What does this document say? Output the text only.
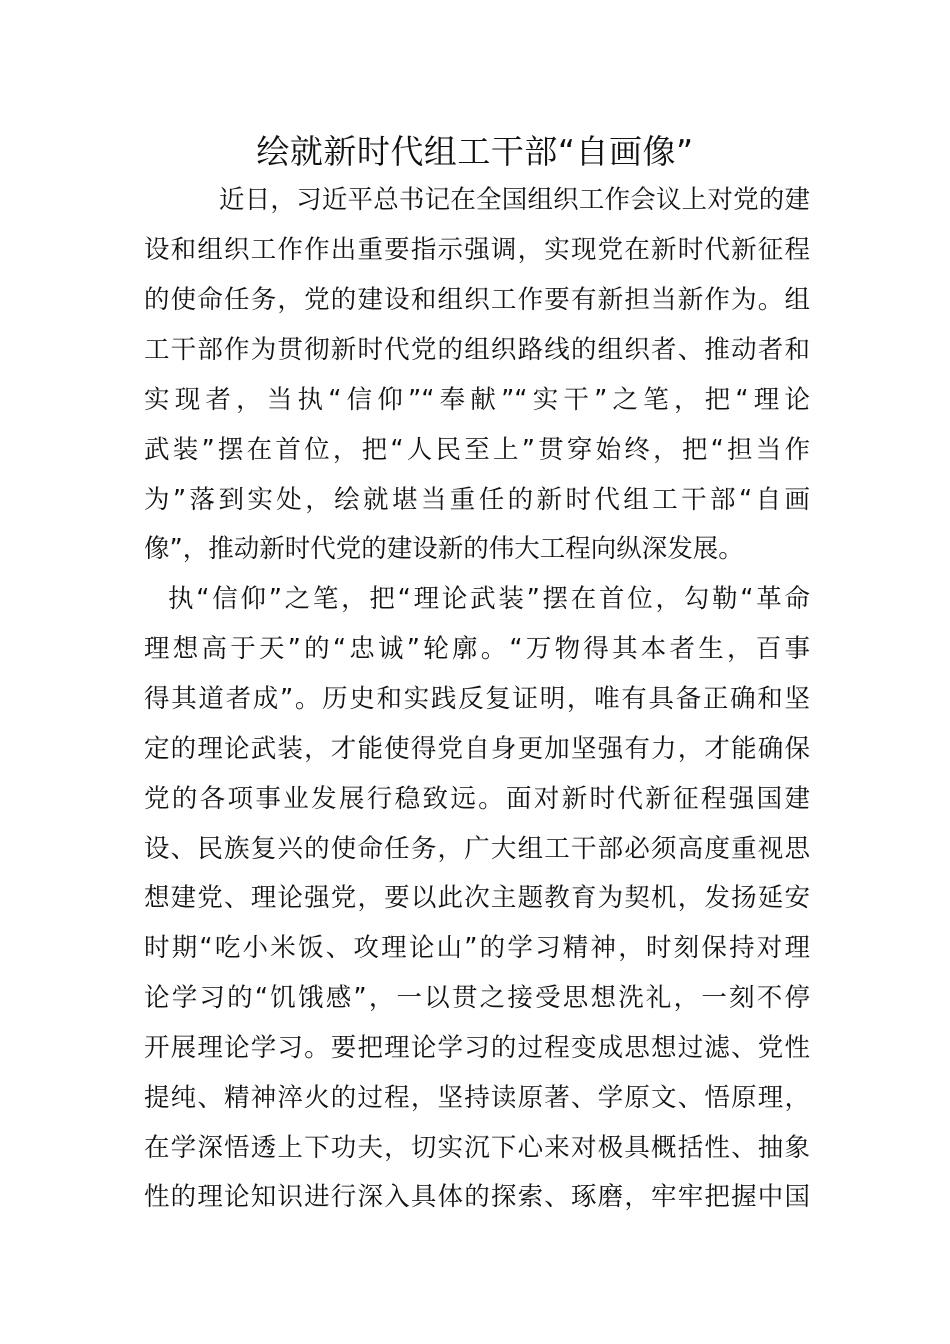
绘就新时代组工干部“自画像”

近日，习近平总书记在全国组织工作会议上对党的建

设和组织工作作出重要指示强调，实现党在新时代新征程

的使命任务，党的建设和组织工作要有新担当新作为。组

工干部作为贯彻新时代党的组织路线的组织者、推动者和

实现者，当执“信仰”“奉献”“实干”之笔，把“理论

武装”摆在首位，把“人民至上”贯穿始终，把“担当作

为”落到实处，绘就堪当重任的新时代组工干部“自画

像”，推动新时代党的建设新的伟大工程向纵深发展。

执“信仰”之笔，把“理论武装”摆在首位，勾勒“革命

理想高于天”的“忠诚”轮廓。“万物得其本者生，百事

得其道者成”。历史和实践反复证明，唯有具备正确和坚

定的理论武装，才能使得党自身更加坚强有力，才能确保

党的各项事业发展行稳致远。面对新时代新征程强国建

设、民族复兴的使命任务，广大组工干部必须高度重视思

想建党、理论强党，要以此次主题教育为契机，发扬延安

时期“吃小米饭、攻理论山”的学习精神，时刻保持对理

论学习的“饥饿感”，一以贯之接受思想洗礼，一刻不停

开展理论学习。要把理论学习的过程变成思想过滤、党性

提纯、精神淬火的过程，坚持读原著、学原文、悟原理，

在学深悟透上下功夫，切实沉下心来对极具概括性、抽象

性的理论知识进行深入具体的探索、琢磨，牢牢把握中国
